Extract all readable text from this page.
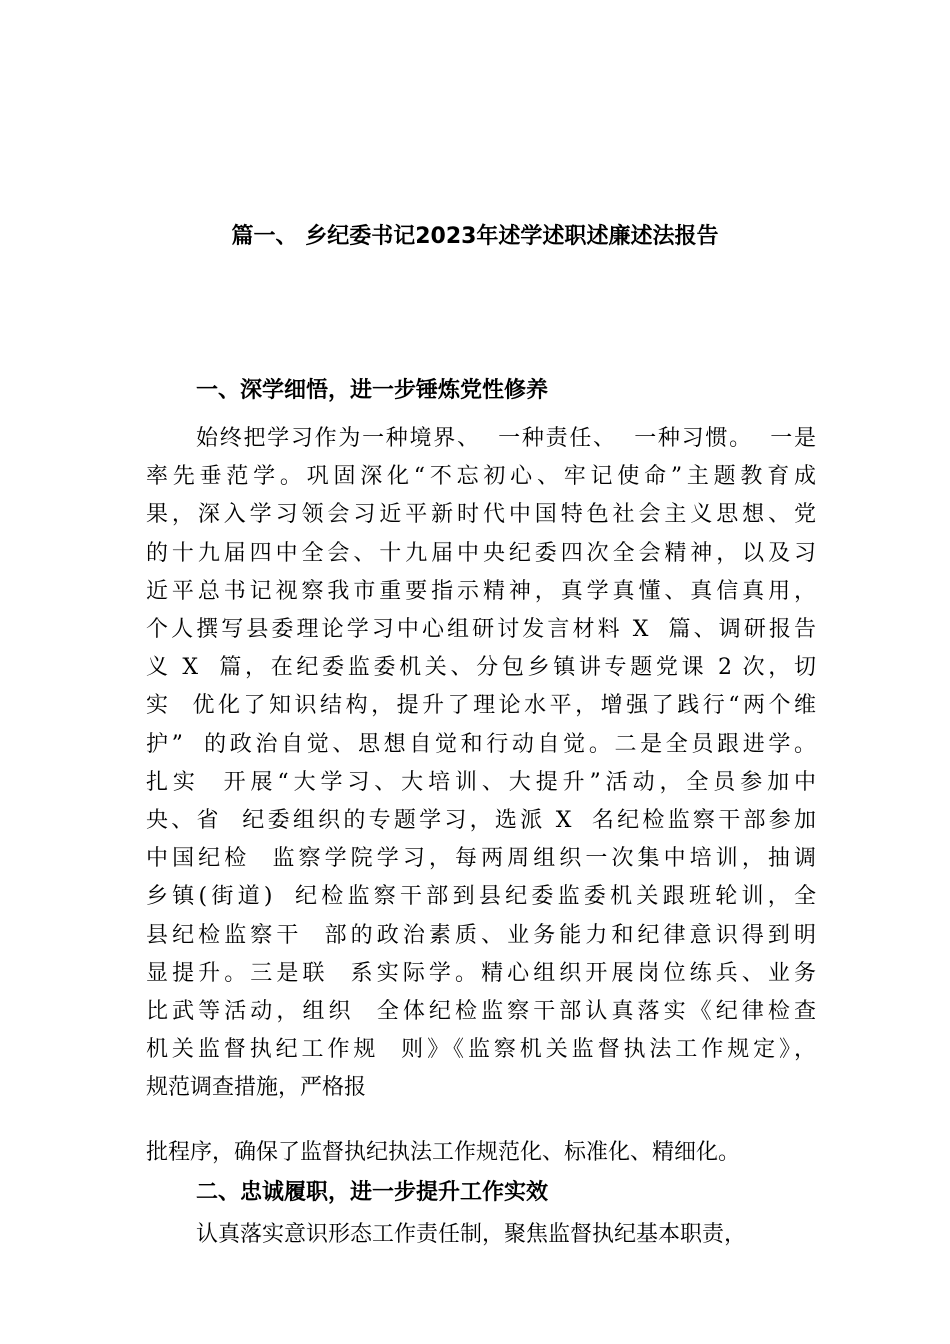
篇一、 乡纪委书记2023年述学述职述廉述法报告
一、深学细悟，进一步锤炼党性修养
始终把学习作为一种境界、  一种责任、  一种习惯。  一是
率先垂范学。巩固深化“不忘初心、牢记使命”主题教育成
果，深入学习领会习近平新时代中国特色社会主义思想、党
的十九届四中全会、十九届中央纪委四次全会精神，以及习
近平总书记视察我市重要指示精神，真学真懂、真信真用，
个人撰写县委理论学习中心组研讨发言材料 X  篇、调研报告
义 X  篇，在纪委监委机关、分包乡镇讲专题党课 2 次，切
实  优化了知识结构，提升了理论水平，增强了践行“两个维
护”  的政治自觉、思想自觉和行动自觉。二是全员跟进学。
扎实  开展“大学习、大培训、大提升”活动，全员参加中
央、省  纪委组织的专题学习，选派 X  名纪检监察干部参加
中国纪检  监察学院学习，每两周组织一次集中培训，抽调
乡镇(街道)  纪检监察干部到县纪委监委机关跟班轮训，全
县纪检监察干  部的政治素质、业务能力和纪律意识得到明
显提升。三是联  系实际学。精心组织开展岗位练兵、业务
比武等活动，组织  全体纪检监察干部认真落实《纪律检查
机关监督执纪工作规  则》《监察机关监督执法工作规定》，
规范调查措施，严格报
批程序，确保了监督执纪执法工作规范化、标准化、精细化。
二、忠诚履职，进一步提升工作实效
认真落实意识形态工作责任制，聚焦监督执纪基本职责，
